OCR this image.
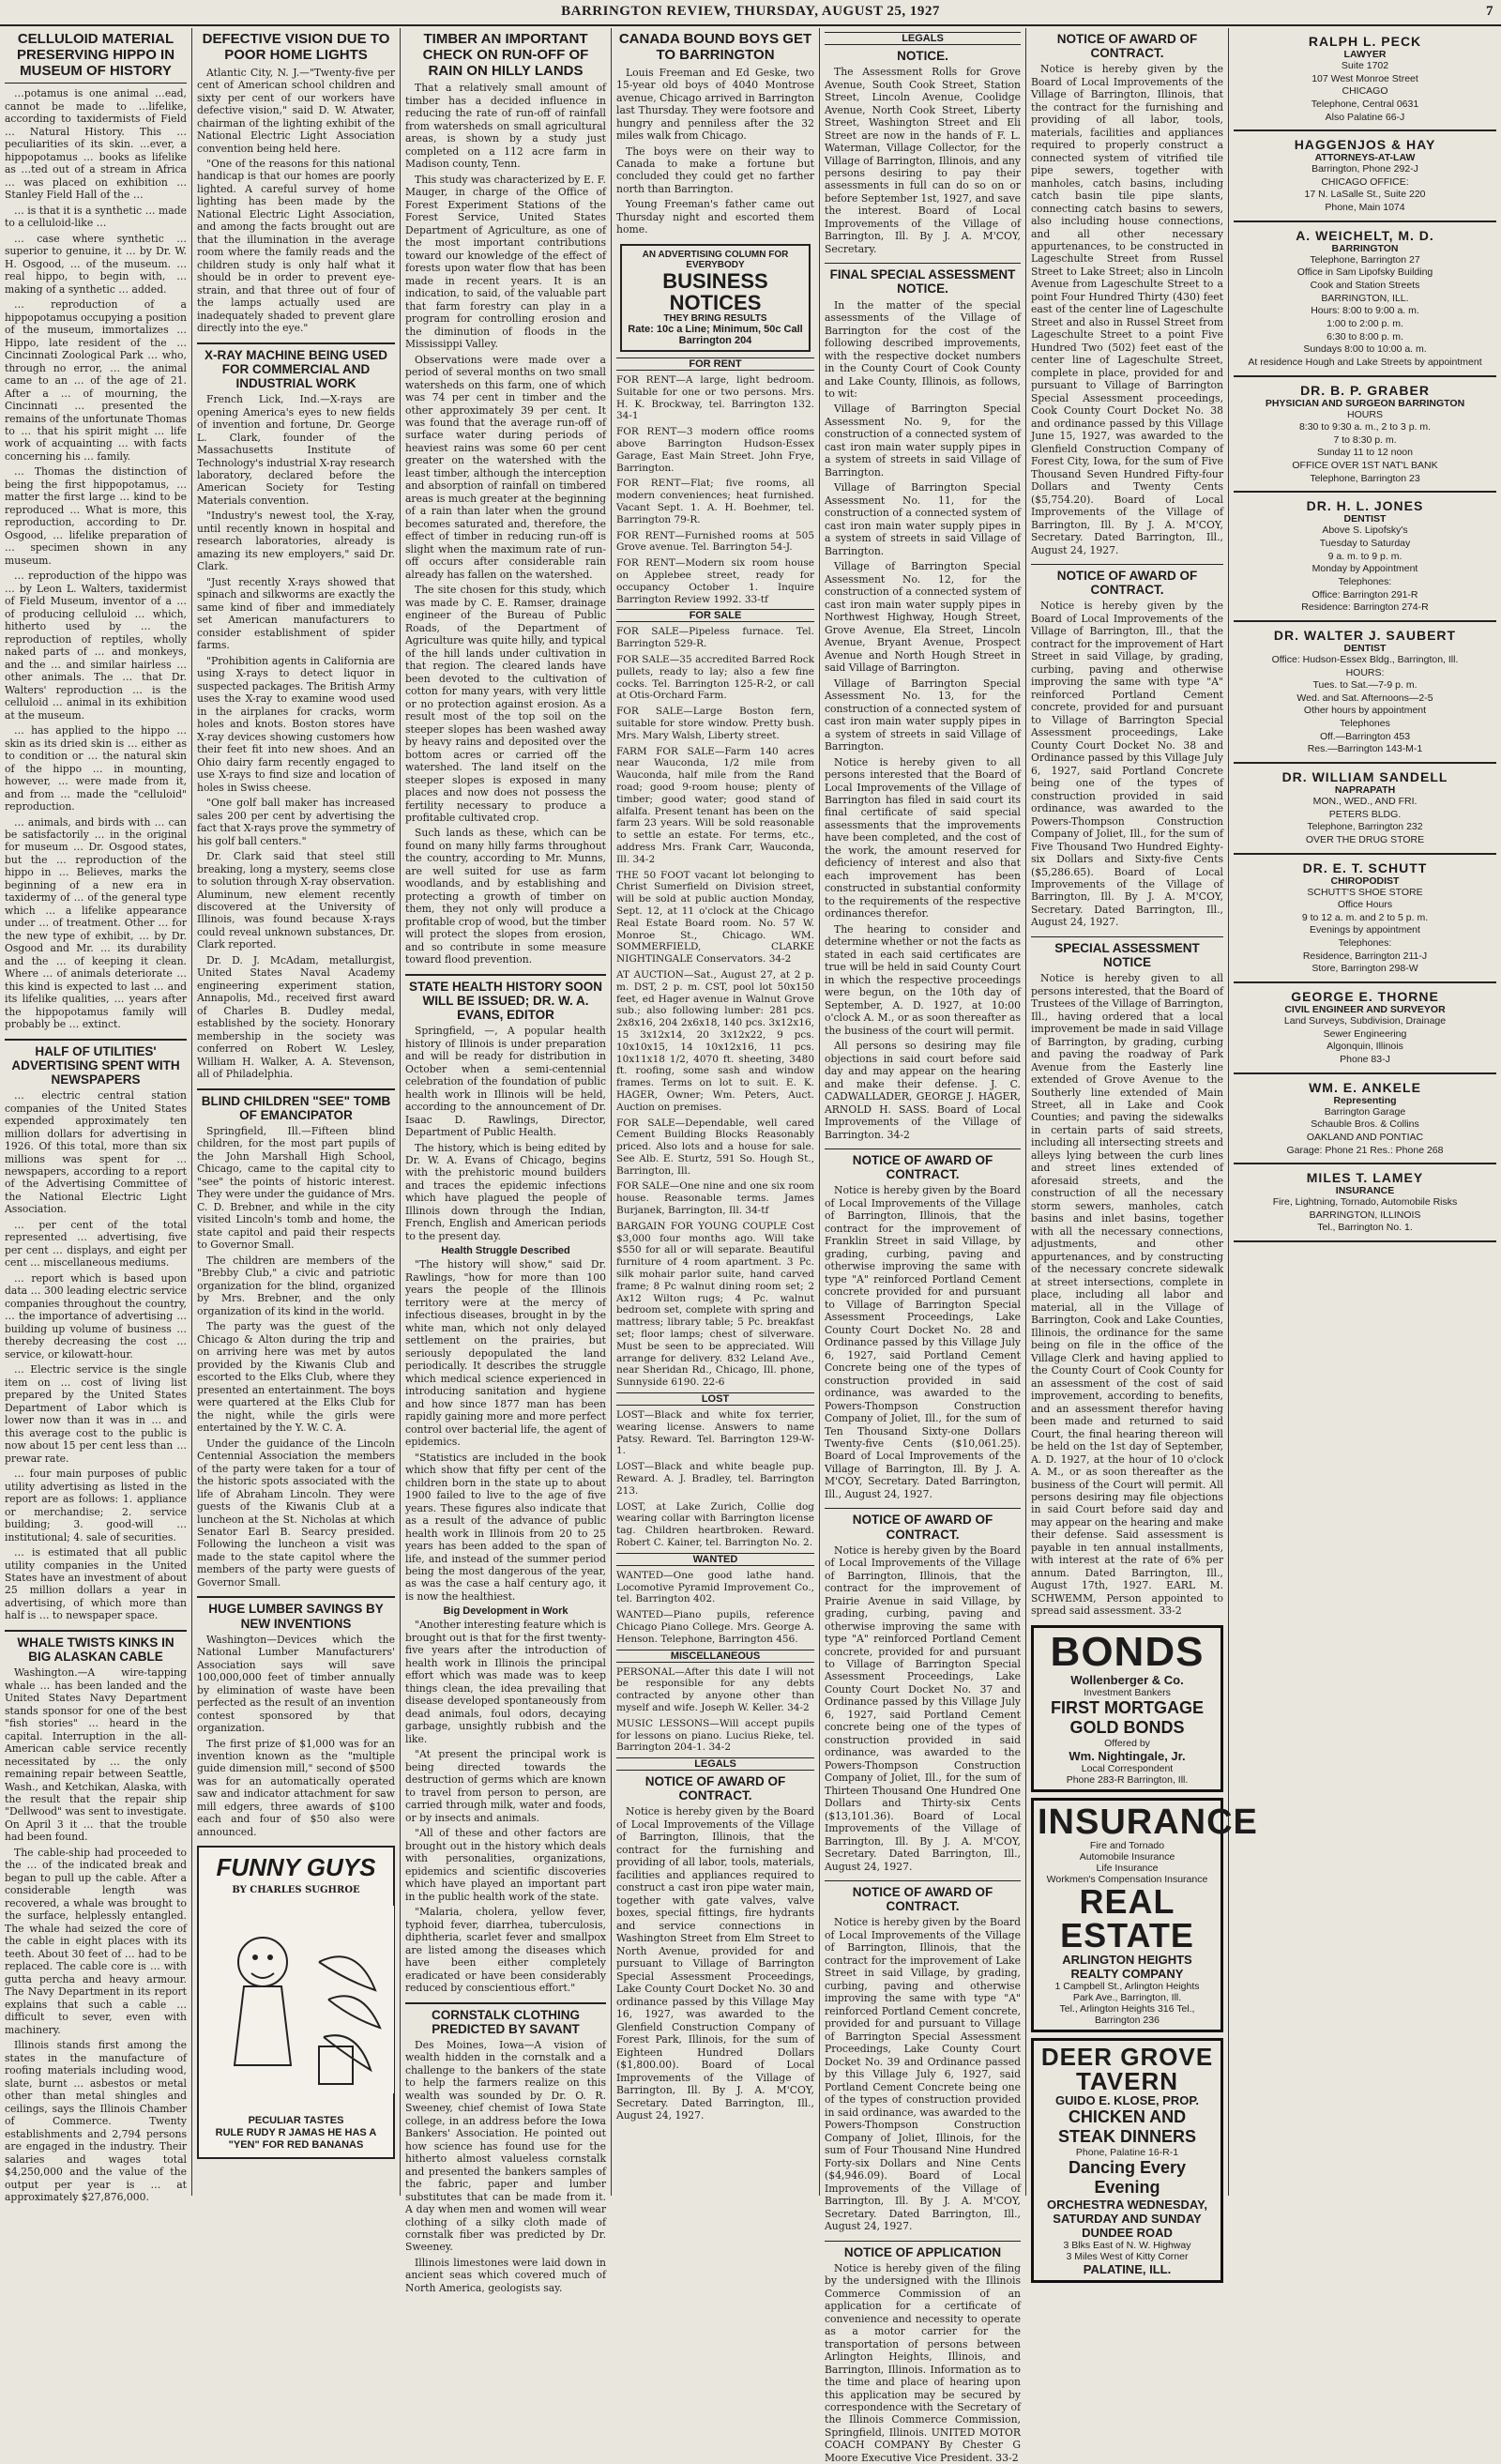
BARRINGTON REVIEW, THURSDAY, AUGUST 25, 1927	7
CELLULOID MATERIAL PRESERVING HIPPO IN MUSEUM OF HISTORY

…potamus is one animal …ead, cannot be made to …lifelike, according to taxidermists of Field … Natural History. This … peculiarities of its skin. …ever, a hippopotamus … books as lifelike as …ted out of a stream in Africa … was placed on exhibition … Stanley Field Hall of the …

… is that it is a synthetic … made to a celluloid-like …

… case where synthetic … superior to genuine, it … by Dr. W. H. Osgood, … of the museum. … real hippo, to begin with, … making of a synthetic … added.

… reproduction of a hippopotamus occupying a position of the museum, immortalizes … Hippo, late resident of the … Cincinnati Zoological Park … who, through no error, … the animal came to an … of the age of 21. After a … of mourning, the Cincinnati … presented the remains of the unfortunate Thomas to … that his spirit might … life work of acquainting … with facts concerning his … family.

… Thomas the distinction of being the first hippopotamus, … matter the first large … kind to be reproduced … What is more, this reproduction, according to Dr. Osgood, … lifelike preparation of … specimen shown in any museum.

… reproduction of the hippo was … by Leon L. Walters, taxidermist of Field Museum, inventor of a … of producing celluloid … which, hitherto used by … the reproduction of reptiles, wholly naked parts of … and monkeys, and the … and similar hairless … other animals. The … that Dr. Walters' reproduction … is the celluloid … animal in its exhibition at the museum.

… has applied to the hippo … skin as its dried skin is … either as to condition or … the natural skin of the hippo … in mounting, however, … were made from it, and from … made the "celluloid" reproduction.

… animals, and birds with … can be satisfactorily … in the original for museum … Dr. Osgood states, but the … reproduction of the hippo in … Believes, marks the beginning of a new era in taxidermy of … of the general type which … a lifelike appearance under … of treatment. Other … for the new type of exhibit, … by Dr. Osgood and Mr. … its durability and the … of keeping it clean. Where … of animals deteriorate … this kind is expected to last … and its lifelike qualities, … years after the hippopotamus family will probably be … extinct.

HALF OF UTILITIES' ADVERTISING SPENT WITH NEWSPAPERS

… electric central station companies of the United States expended approximately ten million dollars for advertising in 1926. Of this total, more than six millions was spent for … newspapers, according to a report of the Advertising Committee of the National Electric Light Association.

… per cent of the total represented … advertising, five per cent … displays, and eight per cent … miscellaneous mediums.

… report which is based upon data … 300 leading electric service companies throughout the country, … the importance of advertising … building up volume of business … thereby decreasing the cost … service, or kilowatt-hour.

… Electric service is the single item on … cost of living list prepared by the United States Department of Labor which is lower now than it was in … and this average cost to the public is now about 15 per cent less than … prewar rate.

… four main purposes of public utility advertising as listed in the report are as follows: 1. appliance or merchandise; 2. service building; 3. good-will … institutional; 4. sale of securities.

… is estimated that all public utility companies in the United States have an investment of about 25 million dollars a year in advertising, of which more than half is … to newspaper space.

WHALE TWISTS KINKS IN BIG ALASKAN CABLE

Washington.—A wire-tapping whale … has been landed and the United States Navy Department stands sponsor for one of the best "fish stories" … heard in the capital. Interruption in the all-American cable service recently necessitated by … the only remaining repair between Seattle, Wash., and Ketchikan, Alaska, with the result that the repair ship "Dellwood" was sent to investigate. On April 3 it … that the trouble had been found.

The cable-ship had proceeded to the … of the indicated break and began to pull up the cable. After a considerable length was recovered, a whale was brought to the surface, helplessly entangled. The whale had seized the core of the cable in eight places with its teeth. About 30 feet of … had to be replaced. The cable core is … with gutta percha and heavy armour. The Navy Department in its report explains that such a cable … difficult to sever, even with machinery.

Illinois stands first among the states in the manufacture of roofing materials including wood, slate, burnt … asbestos or metal other than metal shingles and ceilings, says the Illinois Chamber of Commerce. Twenty establishments and 2,794 persons are engaged in the industry. Their salaries and wages total $4,250,000 and the value of the output per year is … at approximately $27,876,000.

DEFECTIVE VISION DUE TO POOR HOME LIGHTS

Atlantic City, N. J.—"Twenty-five per cent of American school children and sixty per cent of our workers have defective vision," said D. W. Atwater, chairman of the lighting exhibit of the National Electric Light Association convention being held here.

"One of the reasons for this national handicap is that our homes are poorly lighted. A careful survey of home lighting has been made by the National Electric Light Association, and among the facts brought out are that the illumination in the average room where the family reads and the children study is only half what it should be in order to prevent eye-strain, and that three out of four of the lamps actually used are inadequately shaded to prevent glare directly into the eye."

X-RAY MACHINE BEING USED FOR COMMERCIAL AND INDUSTRIAL WORK

French Lick, Ind.—X-rays are opening America's eyes to new fields of invention and fortune, Dr. George L. Clark, founder of the Massachusetts Institute of Technology's industrial X-ray research laboratory, declared before the American Society for Testing Materials convention.

"Industry's newest tool, the X-ray, until recently known in hospital and research laboratories, already is amazing its new employers," said Dr. Clark.

"Just recently X-rays showed that spinach and silkworms are exactly the same kind of fiber and immediately set American manufacturers to consider establishment of spider farms.

"Prohibition agents in California are using X-rays to detect liquor in suspected packages. The British Army uses the X-ray to examine wood used in the airplanes for cracks, worm holes and knots. Boston stores have X-ray devices showing customers how their feet fit into new shoes. And an Ohio dairy farm recently engaged to use X-rays to find size and location of holes in Swiss cheese.

"One golf ball maker has increased sales 200 per cent by advertising the fact that X-rays prove the symmetry of his golf ball centers."

Dr. Clark said that steel still breaking, long a mystery, seems close to solution through X-ray observation. Aluminum, new element recently discovered at the University of Illinois, was found because X-rays could reveal unknown substances, Dr. Clark reported.

Dr. D. J. McAdam, metallurgist, United States Naval Academy engineering experiment station, Annapolis, Md., received first award of Charles B. Dudley medal, established by the society. Honorary membership in the society was conferred on Robert W. Lesley, William H. Walker, A. A. Stevenson, all of Philadelphia.

BLIND CHILDREN "SEE" TOMB OF EMANCIPATOR

Springfield, Ill.—Fifteen blind children, for the most part pupils of the John Marshall High School, Chicago, came to the capital city to "see" the points of historic interest. They were under the guidance of Mrs. C. D. Brebner, and while in the city visited Lincoln's tomb and home, the state capitol and paid their respects to Governor Small.

The children are members of the "Brebby Club," a civic and patriotic organization for the blind, organized by Mrs. Brebner, and the only organization of its kind in the world.

The party was the guest of the Chicago & Alton during the trip and on arriving here was met by autos provided by the Kiwanis Club and escorted to the Elks Club, where they presented an entertainment. The boys were quartered at the Elks Club for the night, while the girls were entertained by the Y. W. C. A.

Under the guidance of the Lincoln Centennial Association the members of the party were taken for a tour of the historic spots associated with the life of Abraham Lincoln. They were guests of the Kiwanis Club at a luncheon at the St. Nicholas at which Senator Earl B. Searcy presided. Following the luncheon a visit was made to the state capitol where the members of the party were guests of Governor Small.

HUGE LUMBER SAVINGS BY NEW INVENTIONS

Washington—Devices which the National Lumber Manufacturers' Association says will save 100,000,000 feet of timber annually by elimination of waste have been perfected as the result of an invention contest sponsored by that organization.

The first prize of $1,000 was for an invention known as the "multiple guide dimension mill," second of $500 was for an automatically operated saw and indicator attachment for saw mill edgers, three awards of $100 each and four of $50 also were announced.

FUNNY GUYS
BY CHARLES SUGHROE
PECULIAR TASTES
RULE RUDY R JAMAS HE HAS A "YEN" FOR RED BANANAS
TIMBER AN IMPORTANT CHECK ON RUN-OFF OF RAIN ON HILLY LANDS

That a relatively small amount of timber has a decided influence in reducing the rate of run-off of rainfall from watersheds on small agricultural areas, is shown by a study just completed on a 112 acre farm in Madison county, Tenn.

This study was characterized by E. F. Mauger, in charge of the Office of Forest Experiment Stations of the Forest Service, United States Department of Agriculture, as one of the most important contributions toward our knowledge of the effect of forests upon water flow that has been made in recent years. It is an indication, to said, of the valuable part that farm forestry can play in a program for controlling erosion and the diminution of floods in the Mississippi Valley.

Observations were made over a period of several months on two small watersheds on this farm, one of which was 74 per cent in timber and the other approximately 39 per cent. It was found that the average run-off of surface water during periods of heaviest rains was some 60 per cent greater on the watershed with the least timber, although the interception and absorption of rainfall on timbered areas is much greater at the beginning of a rain than later when the ground becomes saturated and, therefore, the effect of timber in reducing run-off is slight when the maximum rate of run-off occurs after considerable rain already has fallen on the watershed.

The site chosen for this study, which was made by C. E. Ramser, drainage engineer of the Bureau of Public Roads, of the Department of Agriculture was quite hilly, and typical of the hill lands under cultivation in that region. The cleared lands have been devoted to the cultivation of cotton for many years, with very little or no protection against erosion. As a result most of the top soil on the steeper slopes has been washed away by heavy rains and deposited over the bottom acres or carried off the watershed. The land itself on the steeper slopes is exposed in many places and now does not possess the fertility necessary to produce a profitable cultivated crop.

Such lands as these, which can be found on many hilly farms throughout the country, according to Mr. Munns, are well suited for use as farm woodlands, and by establishing and protecting a growth of timber on them, they not only will produce a profitable crop of wood, but the timber will protect the slopes from erosion, and so contribute in some measure toward flood prevention.

STATE HEALTH HISTORY SOON WILL BE ISSUED; DR. W. A. EVANS, EDITOR

Springfield, —, A popular health history of Illinois is under preparation and will be ready for distribution in October when a semi-centennial celebration of the foundation of public health work in Illinois will be held, according to the announcement of Dr. Isaac D. Rawlings, Director, Department of Public Health.

The history, which is being edited by Dr. W. A. Evans of Chicago, begins with the prehistoric mound builders and traces the epidemic infections which have plagued the people of Illinois down through the Indian, French, English and American periods to the present day.

Health Struggle Described

"The history will show," said Dr. Rawlings, "how for more than 100 years the people of the Illinois territory were at the mercy of infectious diseases, brought in by the white man, which not only delayed settlement on the prairies, but seriously depopulated the land periodically. It describes the struggle which medical science experienced in introducing sanitation and hygiene and how since 1877 man has been rapidly gaining more and more perfect control over bacterial life, the agent of epidemics.

"Statistics are included in the book which show that fifty per cent of the children born in the state up to about 1900 failed to live to the age of five years. These figures also indicate that as a result of the advance of public health work in Illinois from 20 to 25 years has been added to the span of life, and instead of the summer period being the most dangerous of the year, as was the case a half century ago, it is now the healthiest.

Big Development in Work

"Another interesting feature which is brought out is that for the first twenty-five years after the introduction of health work in Illinois the principal effort which was made was to keep things clean, the idea prevailing that disease developed spontaneously from dead animals, foul odors, decaying garbage, unsightly rubbish and the like.

"At present the principal work is being directed towards the destruction of germs which are known to travel from person to person, are carried through milk, water and foods, or by insects and animals.

"All of these and other factors are brought out in the history which deals with personalities, organizations, epidemics and scientific discoveries which have played an important part in the public health work of the state.

"Malaria, cholera, yellow fever, typhoid fever, diarrhea, tuberculosis, diphtheria, scarlet fever and smallpox are listed among the diseases which have been either completely eradicated or have been considerably reduced by conscientious effort."

CORNSTALK CLOTHING PREDICTED BY SAVANT

Des Moines, Iowa—A vision of wealth hidden in the cornstalk and a challenge to the bankers of the state to help the farmers realize on this wealth was sounded by Dr. O. R. Sweeney, chief chemist of Iowa State college, in an address before the Iowa Bankers' Association. He pointed out how science has found use for the hitherto almost valueless cornstalk and presented the bankers samples of the fabric, paper and lumber substitutes that can be made from it. A day when men and women will wear clothing of a silky cloth made of cornstalk fiber was predicted by Dr. Sweeney.

Illinois limestones were laid down in ancient seas which covered much of North America, geologists say.

CANADA BOUND BOYS GET TO BARRINGTON

Louis Freeman and Ed Geske, two 15-year old boys of 4040 Montrose avenue, Chicago arrived in Barrington last Thursday. They were footsore and hungry and penniless after the 32 miles walk from Chicago.

The boys were on their way to Canada to make a fortune but concluded they could get no farther north than Barrington.

Young Freeman's father came out Thursday night and escorted them home.

AN ADVERTISING COLUMN FOR EVERYBODY
BUSINESS NOTICES
THEY BRING RESULTS
Rate: 10c a Line; Minimum, 50c Call Barrington 204
FOR RENT

FOR RENT—A large, light bedroom. Suitable for one or two persons. Mrs. H. K. Brockway, tel. Barrington 132. 34-1

FOR RENT—3 modern office rooms above Barrington Hudson-Essex Garage, East Main Street. John Frye, Barrington.

FOR RENT—Flat; five rooms, all modern conveniences; heat furnished. Vacant Sept. 1. A. H. Boehmer, tel. Barrington 79-R.

FOR RENT—Furnished rooms at 505 Grove avenue. Tel. Barrington 54-J.

FOR RENT—Modern six room house on Applebee street, ready for occupancy October 1. Inquire Barrington Review 1992. 33-tf

FOR SALE

FOR SALE—Pipeless furnace. Tel. Barrington 529-R.

FOR SALE—35 accredited Barred Rock pullets, ready to lay; also a few fine cocks. Tel. Barrington 125-R-2, or call at Otis-Orchard Farm.

FOR SALE—Large Boston fern, suitable for store window. Pretty bush. Mrs. Mary Walsh, Liberty street.

FARM FOR SALE—Farm 140 acres near Wauconda, 1/2 mile from Wauconda, half mile from the Rand road; good 9-room house; plenty of timber; good water; good stand of alfalfa. Present tenant has been on the farm 23 years. Will be sold reasonable to settle an estate. For terms, etc., address Mrs. Frank Carr, Wauconda, Ill. 34-2

THE 50 FOOT vacant lot belonging to Christ Sumerfield on Division street, will be sold at public auction Monday, Sept. 12, at 11 o'clock at the Chicago Real Estate Board room. No. 57 W. Monroe St., Chicago. WM. SOMMERFIELD, CLARKE NIGHTINGALE Conservators. 34-2

AT AUCTION—Sat., August 27, at 2 p. m. DST, 2 p. m. CST, pool lot 50x150 feet, ed Hager avenue in Walnut Grove sub.; also following lumber: 281 pcs. 2x8x16, 204 2x6x18, 140 pcs. 3x12x16, 15 3x12x14, 20 3x12x22, 9 pcs. 10x10x15, 14 10x12x16, 11 pcs. 10x11x18 1/2, 4070 ft. sheeting, 3480 ft. roofing, some sash and window frames. Terms on lot to suit. E. K. HAGER, Owner; Wm. Peters, Auct. Auction on premises.

FOR SALE—Dependable, well cared Cement Building Blocks Reasonably priced. Also lots and a house for sale. See Alb. E. Sturtz, 591 So. Hough St., Barrington, Ill.

FOR SALE—One nine and one six room house. Reasonable terms. James Burjanek, Barrington, Ill. 34-tf

BARGAIN FOR YOUNG COUPLE Cost $3,000 four months ago. Will take $550 for all or will separate. Beautiful furniture of 4 room apartment. 3 Pc. silk mohair parlor suite, hand carved frame; 8 Pc walnut dining room set; 2 Ax12 Wilton rugs; 4 Pc. walnut bedroom set, complete with spring and mattress; library table; 5 Pc. breakfast set; floor lamps; chest of silverware. Must be seen to be appreciated. Will arrange for delivery. 832 Leland Ave., near Sheridan Rd., Chicago, Ill. phone, Sunnyside 6190. 22-6

LOST

LOST—Black and white fox terrier, wearing license. Answers to name Patsy. Reward. Tel. Barrington 129-W-1.

LOST—Black and white beagle pup. Reward. A. J. Bradley, tel. Barrington 213.

LOST, at Lake Zurich, Collie dog wearing collar with Barrington license tag. Children heartbroken. Reward. Robert C. Kainer, tel. Barrington No. 2.

WANTED

WANTED—One good lathe hand. Locomotive Pyramid Improvement Co., tel. Barrington 402.

WANTED—Piano pupils, reference Chicago Piano College. Mrs. George A. Henson. Telephone, Barrington 456.

MISCELLANEOUS

PERSONAL—After this date I will not be responsible for any debts contracted by anyone other than myself and wife. Joseph W. Keller. 34-2

MUSIC LESSONS—Will accept pupils for lessons on piano. Lucius Rieke, tel. Barrington 204-1. 34-2

LEGALS
NOTICE OF AWARD OF CONTRACT.

Notice is hereby given by the Board of Local Improvements of the Village of Barrington, Illinois, that the contract for the furnishing and providing of all labor, tools, materials, facilities and appliances required to construct a cast iron pipe water main, together with gate valves, valve boxes, special fittings, fire hydrants and service connections in Washington Street from Elm Street to North Avenue, provided for and pursuant to Village of Barrington Special Assessment Proceedings, Lake County Court Docket No. 30 and ordinance passed by this Village May 16, 1927, was awarded to the Glenfield Construction Company of Forest Park, Illinois, for the sum of Eighteen Hundred Dollars ($1,800.00). Board of Local Improvements of the Village of Barrington, Ill. By J. A. M'COY, Secretary. Dated Barrington, Ill., August 24, 1927.

LEGALS
NOTICE.

The Assessment Rolls for Grove Avenue, South Cook Street, Station Street, Lincoln Avenue, Coolidge Avenue, North Cook Street, Liberty Street, Washington Street and Eli Street are now in the hands of F. L. Waterman, Village Collector, for the Village of Barrington, Illinois, and any persons desiring to pay their assessments in full can do so on or before September 1st, 1927, and save the interest. Board of Local Improvements of the Village of Barrington, Ill. By J. A. M'COY, Secretary.

FINAL SPECIAL ASSESSMENT NOTICE.

In the matter of the special assessments of the Village of Barrington for the cost of the following described improvements, with the respective docket numbers in the County Court of Cook County and Lake County, Illinois, as follows, to wit:

Village of Barrington Special Assessment No. 9, for the construction of a connected system of cast iron main water supply pipes in a system of streets in said Village of Barrington.

Village of Barrington Special Assessment No. 11, for the construction of a connected system of cast iron main water supply pipes in a system of streets in said Village of Barrington.

Village of Barrington Special Assessment No. 12, for the construction of a connected system of cast iron main water supply pipes in Northwest Highway, Hough Street, Grove Avenue, Ela Street, Lincoln Avenue, Bryant Avenue, Prospect Avenue and North Hough Street in said Village of Barrington.

Village of Barrington Special Assessment No. 13, for the construction of a connected system of cast iron main water supply pipes in a system of streets in said Village of Barrington.

Notice is hereby given to all persons interested that the Board of Local Improvements of the Village of Barrington has filed in said court its final certificate of said special assessments that the improvements have been completed, and the cost of the work, the amount reserved for deficiency of interest and also that each improvement has been constructed in substantial conformity to the requirements of the respective ordinances therefor.

The hearing to consider and determine whether or not the facts as stated in each said certificates are true will be held in said County Court in which the respective proceedings were begun, on the 10th day of September, A. D. 1927, at 10:00 o'clock A. M., or as soon thereafter as the business of the court will permit.

All persons so desiring may file objections in said court before said day and may appear on the hearing and make their defense. J. C. CADWALLADER, GEORGE J. HAGER, ARNOLD H. SASS. Board of Local Improvements of the Village of Barrington. 34-2

NOTICE OF AWARD OF CONTRACT.

Notice is hereby given by the Board of Local Improvements of the Village of Barrington, Illinois, that the contract for the improvement of Franklin Street in said Village, by grading, curbing, paving and otherwise improving the same with type "A" reinforced Portland Cement concrete provided for and pursuant to Village of Barrington Special Assessment Proceedings, Lake County Court Docket No. 28 and Ordinance passed by this Village July 6, 1927, said Portland Cement Concrete being one of the types of construction provided in said ordinance, was awarded to the Powers-Thompson Construction Company of Joliet, Ill., for the sum of Ten Thousand Sixty-one Dollars Twenty-five Cents ($10,061.25). Board of Local Improvements of the Village of Barrington, Ill. By J. A. M'COY, Secretary. Dated Barrington, Ill., August 24, 1927.

NOTICE OF AWARD OF CONTRACT.

Notice is hereby given by the Board of Local Improvements of the Village of Barrington, Illinois, that the contract for the improvement of Prairie Avenue in said Village, by grading, curbing, paving and otherwise improving the same with type "A" reinforced Portland Cement concrete, provided for and pursuant to Village of Barrington Special Assessment Proceedings, Lake County Court Docket No. 37 and Ordinance passed by this Village July 6, 1927, said Portland Cement concrete being one of the types of construction provided in said ordinance, was awarded to the Powers-Thompson Construction Company of Joliet, Ill., for the sum of Thirteen Thousand One Hundred One Dollars and Thirty-six Cents ($13,101.36). Board of Local Improvements of the Village of Barrington, Ill. By J. A. M'COY, Secretary. Dated Barrington, Ill., August 24, 1927.

NOTICE OF AWARD OF CONTRACT.

Notice is hereby given by the Board of Local Improvements of the Village of Barrington, Illinois, that the contract for the improvement of Lake Street in said Village, by grading, curbing, paving and otherwise improving the same with type "A" reinforced Portland Cement concrete, provided for and pursuant to Village of Barrington Special Assessment Proceedings, Lake County Court Docket No. 39 and Ordinance passed by this Village July 6, 1927, said Portland Cement Concrete being one of the types of construction provided in said ordinance, was awarded to the Powers-Thompson Construction Company of Joliet, Illinois, for the sum of Four Thousand Nine Hundred Forty-six Dollars and Nine Cents ($4,946.09). Board of Local Improvements of the Village of Barrington, Ill. By J. A. M'COY, Secretary. Dated Barrington, Ill., August 24, 1927.

NOTICE OF APPLICATION

Notice is hereby given of the filing by the undersigned with the Illinois Commerce Commission of an application for a certificate of convenience and necessity to operate as a motor carrier for the transportation of persons between Arlington Heights, Illinois, and Barrington, Illinois. Information as to the time and place of hearing upon this application may be secured by correspondence with the Secretary of the Illinois Commerce Commission, Springfield, Illinois. UNITED MOTOR COACH COMPANY By Chester G Moore Executive Vice President. 33-2

NOTICE OF AWARD OF CONTRACT.

Notice is hereby given by the Board of Local Improvements of the Village of Barrington, Illinois, that the contract for the furnishing and providing of all labor, tools, materials, facilities and appliances required to properly construct a connected system of vitrified tile pipe sewers, together with manholes, catch basins, including catch basin tile pipe slants, connecting catch basins to sewers, also including house connections, and all other necessary appurtenances, to be constructed in Lageschulte Street from Russel Street to Lake Street; also in Lincoln Avenue from Lageschulte Street to a point Four Hundred Thirty (430) feet east of the center line of Lageschulte Street and also in Russel Street from Lageschulte Street to a point Five Hundred Two (502) feet east of the center line of Lageschulte Street, complete in place, provided for and pursuant to Village of Barrington Special Assessment proceedings, Cook County Court Docket No. 38 and ordinance passed by this Village June 15, 1927, was awarded to the Glenfield Construction Company of Forest City, Iowa, for the sum of Five Thousand Seven Hundred Fifty-four Dollars and Twenty Cents ($5,754.20). Board of Local Improvements of the Village of Barrington, Ill. By J. A. M'COY, Secretary. Dated Barrington, Ill., August 24, 1927.

NOTICE OF AWARD OF CONTRACT.

Notice is hereby given by the Board of Local Improvements of the Village of Barrington, Ill., that the contract for the improvement of Hart Street in said Village, by grading, curbing, paving and otherwise improving the same with type "A" reinforced Portland Cement concrete, provided for and pursuant to Village of Barrington Special Assessment proceedings, Lake County Court Docket No. 38 and Ordinance passed by this Village July 6, 1927, said Portland Concrete being one of the types of construction provided in said ordinance, was awarded to the Powers-Thompson Construction Company of Joliet, Ill., for the sum of Five Thousand Two Hundred Eighty-six Dollars and Sixty-five Cents ($5,286.65). Board of Local Improvements of the Village of Barrington, Ill. By J. A. M'COY, Secretary. Dated Barrington, Ill., August 24, 1927.

SPECIAL ASSESSMENT NOTICE

Notice is hereby given to all persons interested, that the Board of Trustees of the Village of Barrington, Ill., having ordered that a local improvement be made in said Village of Barrington, by grading, curbing and paving the roadway of Park Avenue from the Easterly line extended of Grove Avenue to the Southerly line extended of Main Street, all in Lake and Cook Counties; and paving the sidewalks in certain parts of said streets, including all intersecting streets and alleys lying between the curb lines and street lines extended of aforesaid streets, and the construction of all the necessary storm sewers, manholes, catch basins and inlet basins, together with all the necessary connections, adjustments, and other appurtenances, and by constructing of the necessary concrete sidewalk at street intersections, complete in place, including all labor and material, all in the Village of Barrington, Cook and Lake Counties, Illinois, the ordinance for the same being on file in the office of the Village Clerk and having applied to the County Court of Cook County for an assessment of the cost of said improvement, according to benefits, and an assessment therefor having been made and returned to said Court, the final hearing thereon will be held on the 1st day of September, A. D. 1927, at the hour of 10 o'clock A. M., or as soon thereafter as the business of the Court will permit. All persons desiring may file objections in said Court before said day and may appear on the hearing and make their defense. Said assessment is payable in ten annual installments, with interest at the rate of 6% per annum. Dated Barrington, Ill., August 17th, 1927. EARL M. SCHWEMM, Person appointed to spread said assessment. 33-2

BONDS
Wollenberger & Co.
Investment Bankers
FIRST MORTGAGE GOLD BONDS
Offered by
Wm. Nightingale, Jr.
Local Correspondent
Phone 283-R Barrington, Ill.
INSURANCE
Fire and Tornado
Automobile Insurance
Life Insurance
Workmen's Compensation Insurance
REAL ESTATE
ARLINGTON HEIGHTS REALTY COMPANY
1 Campbell St., Arlington Heights
Park Ave., Barrington, Ill.
Tel., Arlington Heights 316 Tel., Barrington 236
DEER GROVE TAVERN
GUIDO E. KLOSE, PROP.
CHICKEN AND STEAK DINNERS
Phone, Palatine 16-R-1
Dancing Every Evening
ORCHESTRA WEDNESDAY, SATURDAY AND SUNDAY
DUNDEE ROAD
3 Blks East of N. W. Highway
3 Miles West of Kitty Corner
PALATINE, ILL.
RALPH L. PECK
LAWYER
Suite 1702
107 West Monroe Street
CHICAGO
Telephone, Central 0631
Also Palatine 66-J
HAGGENJOS & HAY
ATTORNEYS-AT-LAW
Barrington, Phone 292-J
CHICAGO OFFICE:
17 N. LaSalle St., Suite 220
Phone, Main 1074
A. WEICHELT, M. D.
BARRINGTON
Telephone, Barrington 27
Office in Sam Lipofsky Building
Cook and Station Streets
BARRINGTON, ILL.
Hours: 8:00 to 9:00 a. m.
1:00 to 2:00 p. m.
6:30 to 8:00 p. m.
Sundays 8:00 to 10:00 a. m.
At residence Hough and Lake Streets by appointment
DR. B. P. GRABER
PHYSICIAN AND SURGEON BARRINGTON
HOURS
8:30 to 9:30 a. m., 2 to 3 p. m.
7 to 8:30 p. m.
Sunday 11 to 12 noon
OFFICE OVER 1ST NAT'L BANK
Telephone, Barrington 23
DR. H. L. JONES
DENTIST
Above S. Lipofsky's
Tuesday to Saturday
9 a. m. to 9 p. m.
Monday by Appointment
Telephones:
Office: Barrington 291-R
Residence: Barrington 274-R
DR. WALTER J. SAUBERT
DENTIST
Office: Hudson-Essex Bldg., Barrington, Ill.
HOURS:
Tues. to Sat.—7-9 p. m.
Wed. and Sat. Afternoons—2-5
Other hours by appointment
Telephones
Off.—Barrington 453
Res.—Barrington 143-M-1
DR. WILLIAM SANDELL
NAPRAPATH
MON., WED., AND FRI.
PETERS BLDG.
Telephone, Barrington 232
OVER THE DRUG STORE
DR. E. T. SCHUTT
CHIROPODIST
SCHUTT'S SHOE STORE
Office Hours
9 to 12 a. m. and 2 to 5 p. m.
Evenings by appointment
Telephones:
Residence, Barrington 211-J
Store, Barrington 298-W
GEORGE E. THORNE
CIVIL ENGINEER AND SURVEYOR
Land Surveys, Subdivision, Drainage
Sewer Engineering
Algonquin, Illinois
Phone 83-J
WM. E. ANKELE
Representing
Barrington Garage
Schauble Bros. & Collins
OAKLAND AND PONTIAC
Garage: Phone 21 Res.: Phone 268
MILES T. LAMEY
INSURANCE
Fire, Lightning, Tornado, Automobile Risks
BARRINGTON, ILLINOIS
Tel., Barrington No. 1.
